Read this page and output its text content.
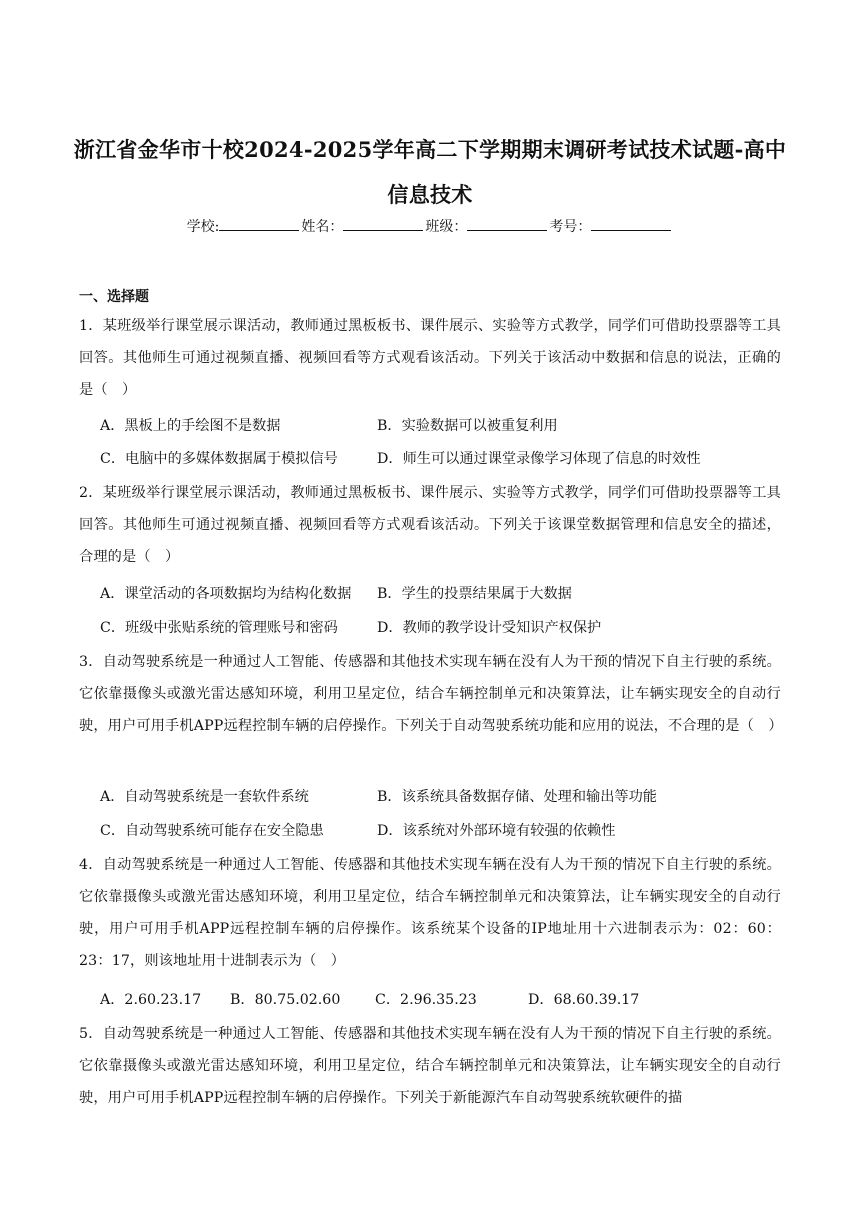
浙江省金华市十校2024-2025学年高二下学期期末调研考试技术试题-高中
信息技术
学校:	姓名：	班级：	考号：
一、选择题
1．某班级举行课堂展示课活动，教师通过黑板板书、课件展示、实验等方式教学，同学们可借助投票器等工具回答。其他师生可通过视频直播、视频回看等方式观看该活动。下列关于该活动中数据和信息的说法，正确的是（　）
A．黑板上的手绘图不是数据	B．实验数据可以被重复利用
C．电脑中的多媒体数据属于模拟信号	D．师生可以通过课堂录像学习体现了信息的时效性
2．某班级举行课堂展示课活动，教师通过黑板板书、课件展示、实验等方式教学，同学们可借助投票器等工具回答。其他师生可通过视频直播、视频回看等方式观看该活动。下列关于该课堂数据管理和信息安全的描述，合理的是（　）
A．课堂活动的各项数据均为结构化数据 B．学生的投票结果属于大数据
C．班级中张贴系统的管理账号和密码	D．教师的教学设计受知识产权保护
3．自动驾驶系统是一种通过人工智能、传感器和其他技术实现车辆在没有人为干预的情况下自主行驶的系统。它依靠摄像头或激光雷达感知环境，利用卫星定位，结合车辆控制单元和决策算法，让车辆实现安全的自动行驶，用户可用手机APP远程控制车辆的启停操作。下列关于自动驾驶系统功能和应用的说法，不合理的是（　）
A．自动驾驶系统是一套软件系统	B．该系统具备数据存储、处理和输出等功能
C．自动驾驶系统可能存在安全隐患	D．该系统对外部环境有较强的依赖性
4．自动驾驶系统是一种通过人工智能、传感器和其他技术实现车辆在没有人为干预的情况下自主行驶的系统。它依靠摄像头或激光雷达感知环境，利用卫星定位，结合车辆控制单元和决策算法，让车辆实现安全的自动行驶，用户可用手机APP远程控制车辆的启停操作。该系统某个设备的IP地址用十六进制表示为：02：60：23：17，则该地址用十进制表示为（　）
A．2.60.23.17 B．80.75.02.60 C．2.96.35.23	D．68.60.39.17
5．自动驾驶系统是一种通过人工智能、传感器和其他技术实现车辆在没有人为干预的情况下自主行驶的系统。它依靠摄像头或激光雷达感知环境，利用卫星定位，结合车辆控制单元和决策算法，让车辆实现安全的自动行驶，用户可用手机APP远程控制车辆的启停操作。下列关于新能源汽车自动驾驶系统软硬件的描
